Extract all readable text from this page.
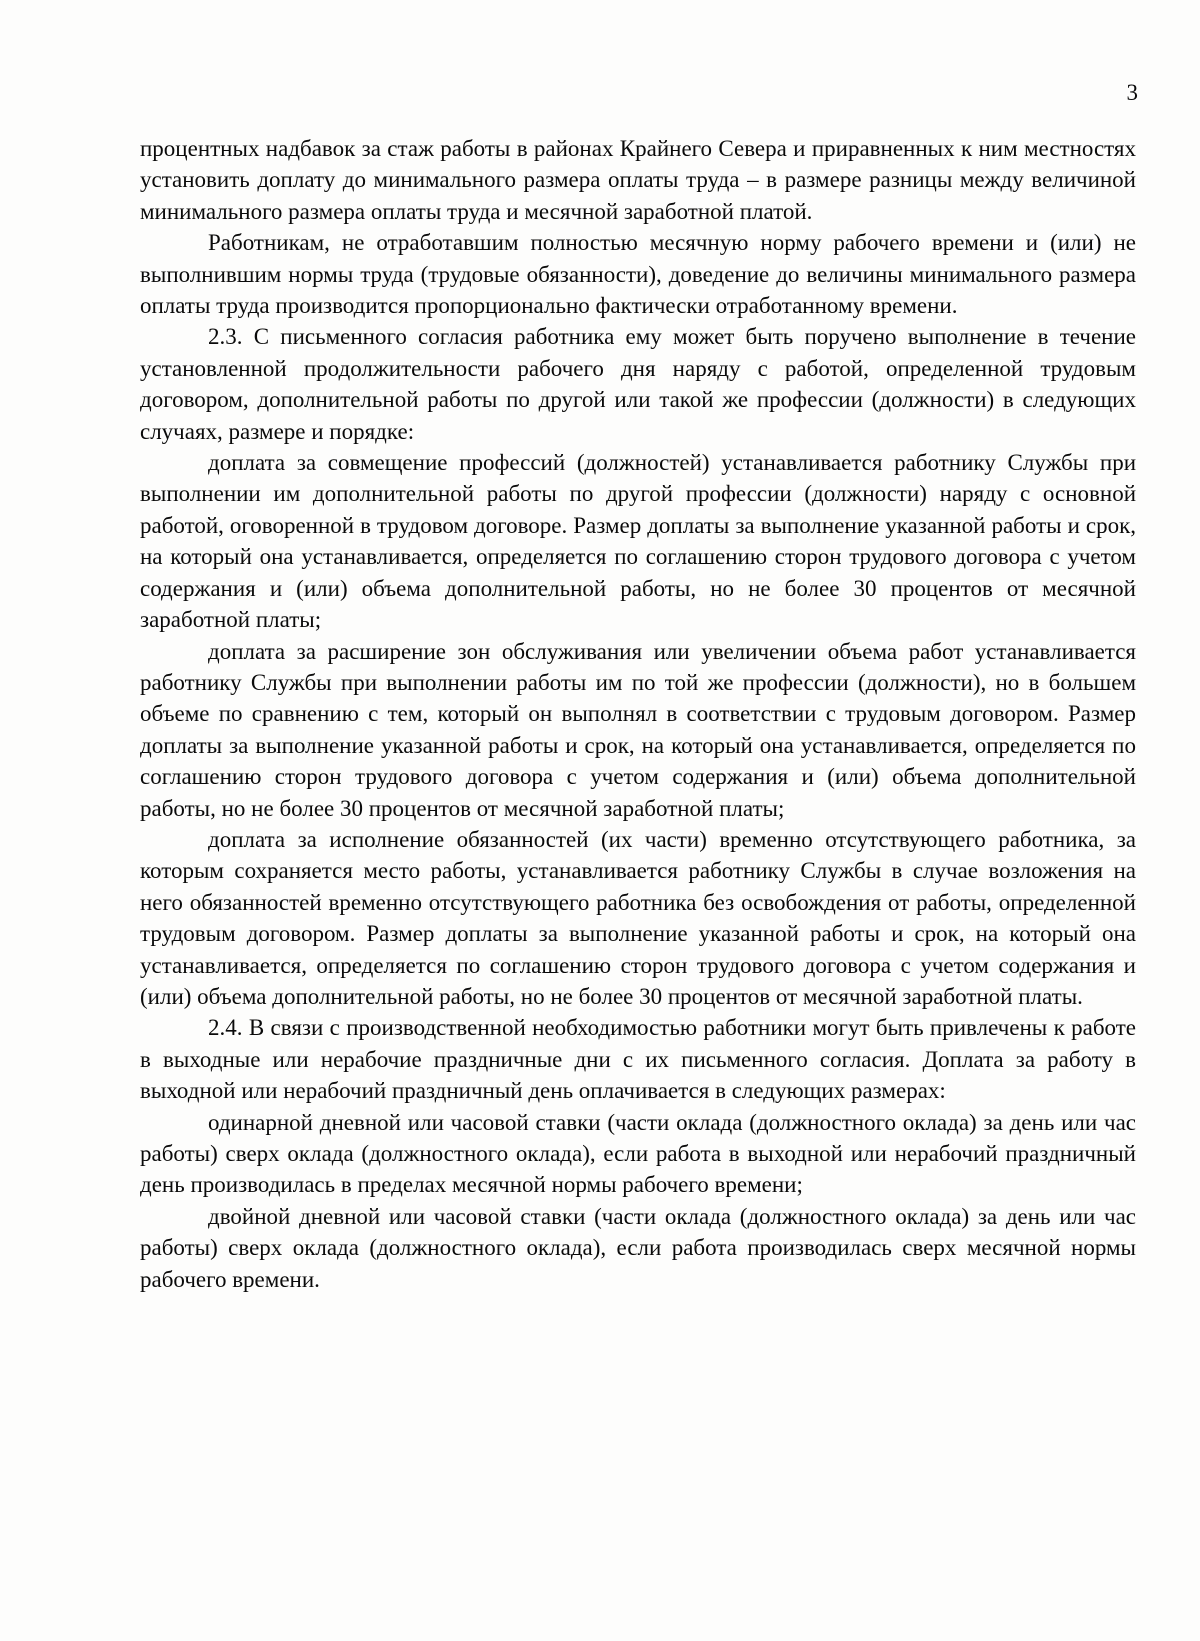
3

процентных надбавок за стаж работы в районах Крайнего Севера и приравненных к ним местностях установить доплату до минимального размера оплаты труда – в размере разницы между величиной минимального размера оплаты труда и месячной заработной платой.

Работникам, не отработавшим полностью месячную норму рабочего времени и (или) не выполнившим нормы труда (трудовые обязанности), доведение до величины минимального размера оплаты труда производится пропорционально фактически отработанному времени.

2.3. С письменного согласия работника ему может быть поручено выполнение в течение установленной продолжительности рабочего дня наряду с работой, определенной трудовым договором, дополнительной работы по другой или такой же профессии (должности) в следующих случаях, размере и порядке:

доплата за совмещение профессий (должностей) устанавливается работнику Службы при выполнении им дополнительной работы по другой профессии (должности) наряду с основной работой, оговоренной в трудовом договоре. Размер доплаты за выполнение указанной работы и срок, на который она устанавливается, определяется по соглашению сторон трудового договора с учетом содержания и (или) объема дополнительной работы, но не более 30 процентов от месячной заработной платы;

доплата за расширение зон обслуживания или увеличении объема работ устанавливается работнику Службы при выполнении работы им по той же профессии (должности), но в большем объеме по сравнению с тем, который он выполнял в соответствии с трудовым договором. Размер доплаты за выполнение указанной работы и срок, на который она устанавливается, определяется по соглашению сторон трудового договора с учетом содержания и (или) объема дополнительной работы, но не более 30 процентов от месячной заработной платы;

доплата за исполнение обязанностей (их части) временно отсутствующего работника, за которым сохраняется место работы, устанавливается работнику Службы в случае возложения на него обязанностей временно отсутствующего работника без освобождения от работы, определенной трудовым договором. Размер доплаты за выполнение указанной работы и срок, на который она устанавливается, определяется по соглашению сторон трудового договора с учетом содержания и (или) объема дополнительной работы, но не более 30 процентов от месячной заработной платы.

2.4. В связи с производственной необходимостью работники могут быть привлечены к работе в выходные или нерабочие праздничные дни с их письменного согласия. Доплата за работу в выходной или нерабочий праздничный день оплачивается в следующих размерах:

одинарной дневной или часовой ставки (части оклада (должностного оклада) за день или час работы) сверх оклада (должностного оклада), если работа в выходной или нерабочий праздничный день производилась в пределах месячной нормы рабочего времени;

двойной дневной или часовой ставки (части оклада (должностного оклада) за день или час работы) сверх оклада (должностного оклада), если работа производилась сверх месячной нормы рабочего времени.
